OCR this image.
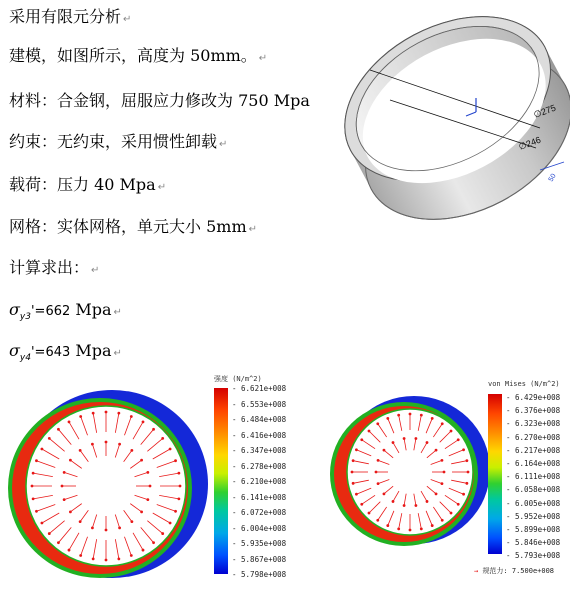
采用有限元分析 ↵
建模，如图所示，高度为 50mm。 ↵
材料：合金钢，屈服应力修改为 750 Mpa
约束：无约束，采用惯性卸载 ↵
载荷：压力 40 Mpa ↵
网格：实体网格，单元大小 5mm ↵
计算求出： ↵
$\sigma_{y3}'=662$ Mpa ↵
$\sigma_{y4}'=643$ Mpa ↵
∅275
∅246
50
强度 (N/m^2)
- 6.621e+008
- 6.553e+008
- 6.484e+008
- 6.416e+008
- 6.347e+008
- 6.278e+008
- 6.210e+008
- 6.141e+008
- 6.072e+008
- 6.004e+008
- 5.935e+008
- 5.867e+008
- 5.798e+008
von Mises (N/m^2)
- 6.429e+008
- 6.376e+008
- 6.323e+008
- 6.270e+008
- 6.217e+008
- 6.164e+008
- 6.111e+008
- 6.058e+008
- 6.005e+008
- 5.952e+008
- 5.899e+008
- 5.846e+008
- 5.793e+008
→ 规范力: 7.500e+008
